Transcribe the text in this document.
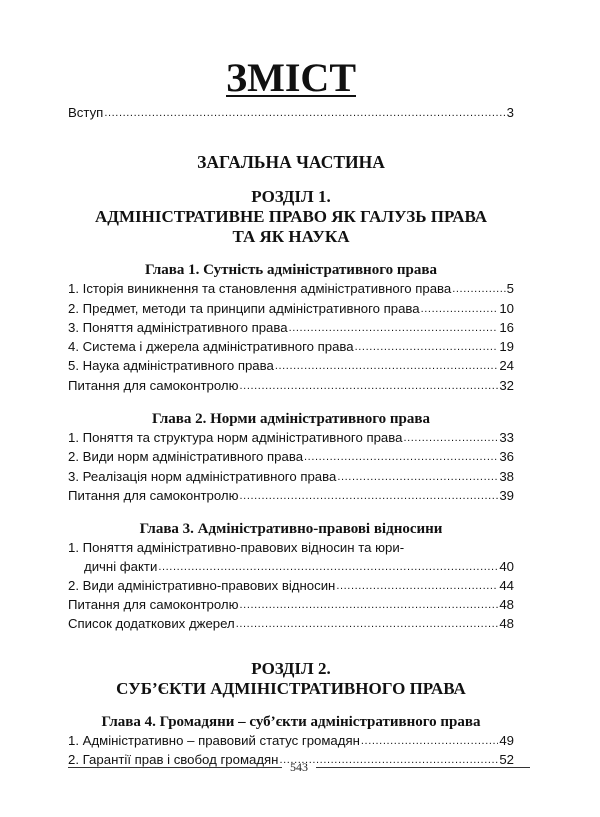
ЗМІСТ
Вступ .....	3
ЗАГАЛЬНА ЧАСТИНА
РОЗДІЛ 1.
АДМІНІСТРАТИВНЕ ПРАВО ЯК ГАЛУЗЬ ПРАВА
ТА ЯК НАУКА
Глава 1. Сутність адміністративного права
1. Історія виникнення та становлення адміністративного права .....	5
2. Предмет, методи та принципи адміністративного права .....	10
3. Поняття адміністративного права .....	16
4. Система і джерела адміністративного права .....	19
5. Наука адміністративного права .....	24
Питання для самоконтролю .....	32
Глава 2. Норми адміністративного права
1. Поняття та структура норм адміністративного права .....	33
2. Види норм адміністративного права .....	36
3. Реалізація норм адміністративного права .....	38
Питання для самоконтролю .....	39
Глава 3. Адміністративно-правові відносини
1. Поняття адміністративно-правових відносин та юри-
дичні факти .....	40
2. Види адміністративно-правових відносин .....	44
Питання для самоконтролю .....	48
Список додаткових джерел .....	48
РОЗДІЛ 2.
СУБ’ЄКТИ АДМІНІСТРАТИВНОГО ПРАВА
Глава 4. Громадяни – суб’єкти адміністративного права
1. Адміністративно – правовий статус громадян .....	49
2. Гарантії прав і свобод громадян .....	52
543
